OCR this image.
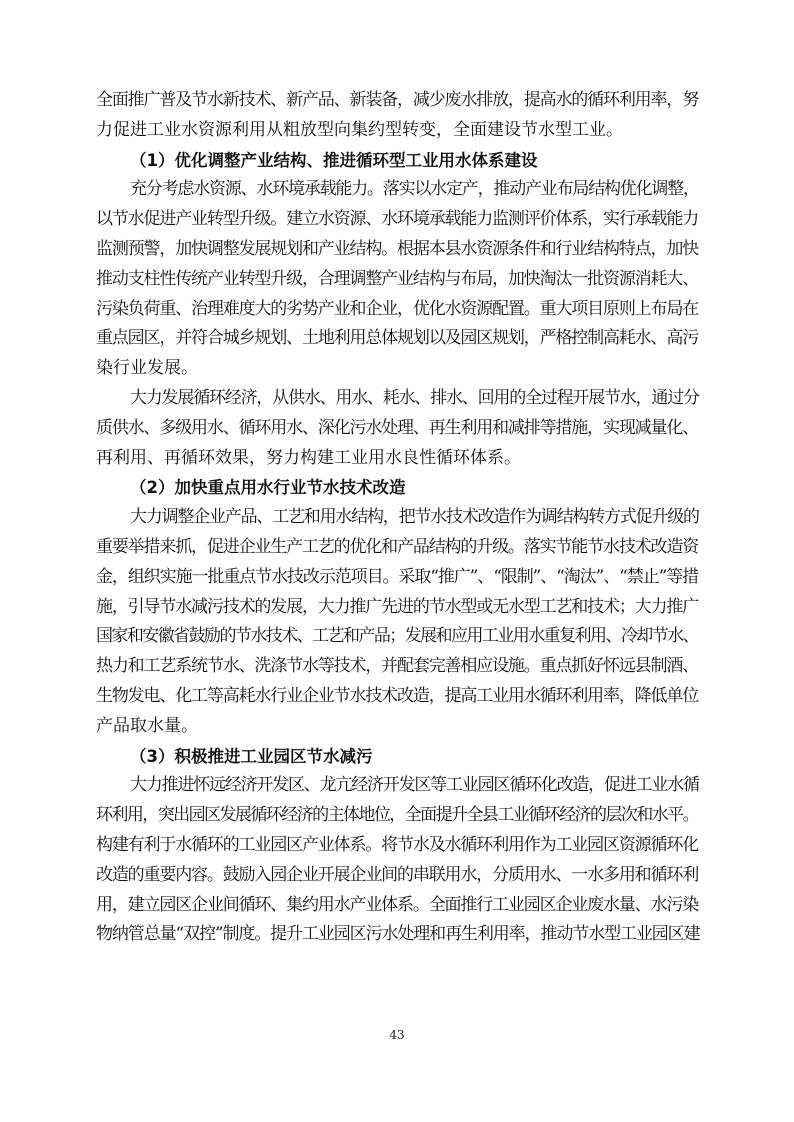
全面推广普及节水新技术、新产品、新装备，减少废水排放，提高水的循环利用率，努
力促进工业水资源利用从粗放型向集约型转变，全面建设节水型工业。
（1）优化调整产业结构、推进循环型工业用水体系建设
充分考虑水资源、水环境承载能力。落实以水定产，推动产业布局结构优化调整，
以节水促进产业转型升级。建立水资源、水环境承载能力监测评价体系，实行承载能力
监测预警，加快调整发展规划和产业结构。根据本县水资源条件和行业结构特点，加快
推动支柱性传统产业转型升级，合理调整产业结构与布局，加快淘汰一批资源消耗大、
污染负荷重、治理难度大的劣势产业和企业，优化水资源配置。重大项目原则上布局在
重点园区，并符合城乡规划、土地利用总体规划以及园区规划，严格控制高耗水、高污
染行业发展。
大力发展循环经济，从供水、用水、耗水、排水、回用的全过程开展节水，通过分
质供水、多级用水、循环用水、深化污水处理、再生利用和减排等措施，实现减量化、
再利用、再循环效果，努力构建工业用水良性循环体系。
（2）加快重点用水行业节水技术改造
大力调整企业产品、工艺和用水结构，把节水技术改造作为调结构转方式促升级的
重要举措来抓，促进企业生产工艺的优化和产品结构的升级。落实节能节水技术改造资
金，组织实施一批重点节水技改示范项目。采取“推广”、“限制”、“淘汰”、“禁止”等措
施，引导节水减污技术的发展，大力推广先进的节水型或无水型工艺和技术；大力推广
国家和安徽省鼓励的节水技术、工艺和产品；发展和应用工业用水重复利用、冷却节水、
热力和工艺系统节水、洗涤节水等技术，并配套完善相应设施。重点抓好怀远县制酒、
生物发电、化工等高耗水行业企业节水技术改造，提高工业用水循环利用率，降低单位
产品取水量。
（3）积极推进工业园区节水减污
大力推进怀远经济开发区、龙亢经济开发区等工业园区循环化改造，促进工业水循
环利用，突出园区发展循环经济的主体地位，全面提升全县工业循环经济的层次和水平。
构建有利于水循环的工业园区产业体系。将节水及水循环利用作为工业园区资源循环化
改造的重要内容。鼓励入园企业开展企业间的串联用水，分质用水、一水多用和循环利
用，建立园区企业间循环、集约用水产业体系。全面推行工业园区企业废水量、水污染
物纳管总量“双控”制度。提升工业园区污水处理和再生利用率，推动节水型工业园区建
43
